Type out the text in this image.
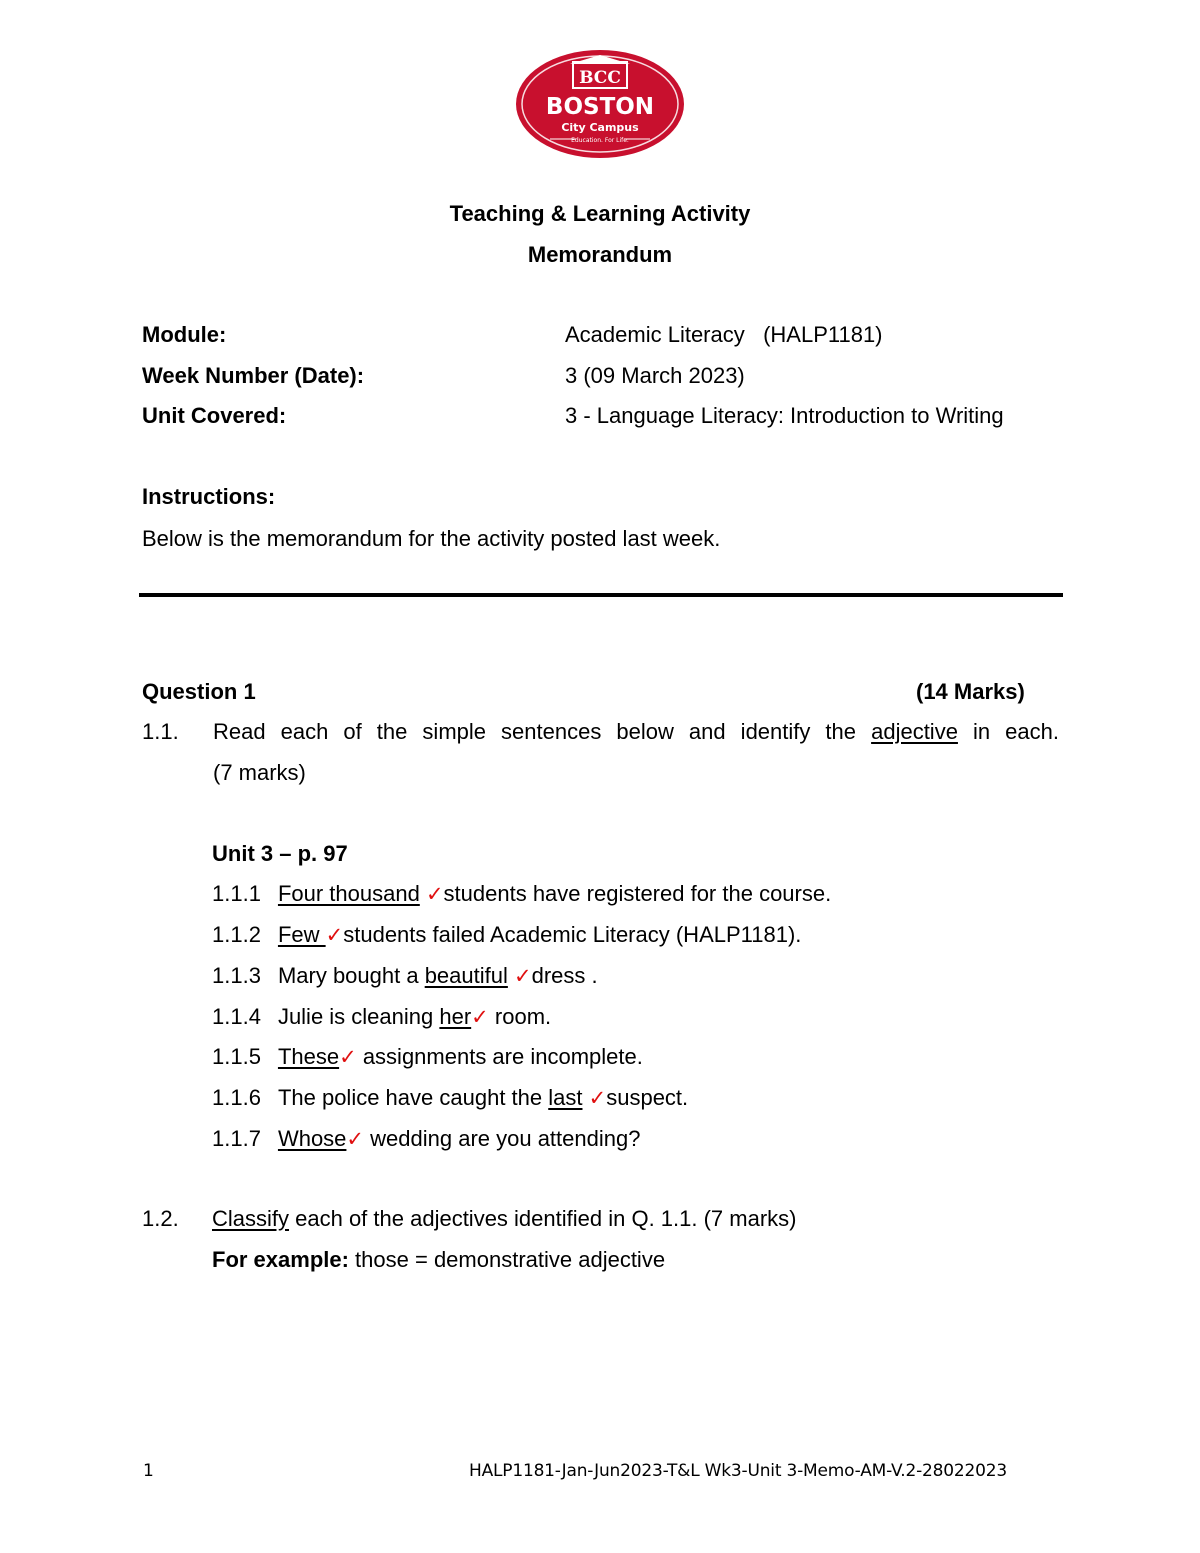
BCC
BOSTON
City Campus
Education. For Life.
Teaching & Learning Activity
Memorandum
Module:	Academic Literacy   (HALP1181)
Week Number (Date):	3 (09 March 2023)
Unit Covered:	3 - Language Literacy: Introduction to Writing
Instructions:
Below is the memorandum for the activity posted last week.
Question 1	(14 Marks)
1.1. Read each of the simple sentences below and identify the adjective in each.
(7 marks)
Unit 3 – p. 97
1.1.1 Four thousand ✓students have registered for the course.
1.1.2 Few ✓students failed Academic Literacy (HALP1181).
1.1.3 Mary bought a beautiful ✓dress .
1.1.4 Julie is cleaning her✓ room.
1.1.5 These✓ assignments are incomplete.
1.1.6 The police have caught the last ✓suspect.
1.1.7 Whose✓ wedding are you attending?
1.2. Classify each of the adjectives identified in Q. 1.1. (7 marks)
For example: those = demonstrative adjective
1	HALP1181-Jan-Jun2023-T&L Wk3-Unit 3-Memo-AM-V.2-28022023
